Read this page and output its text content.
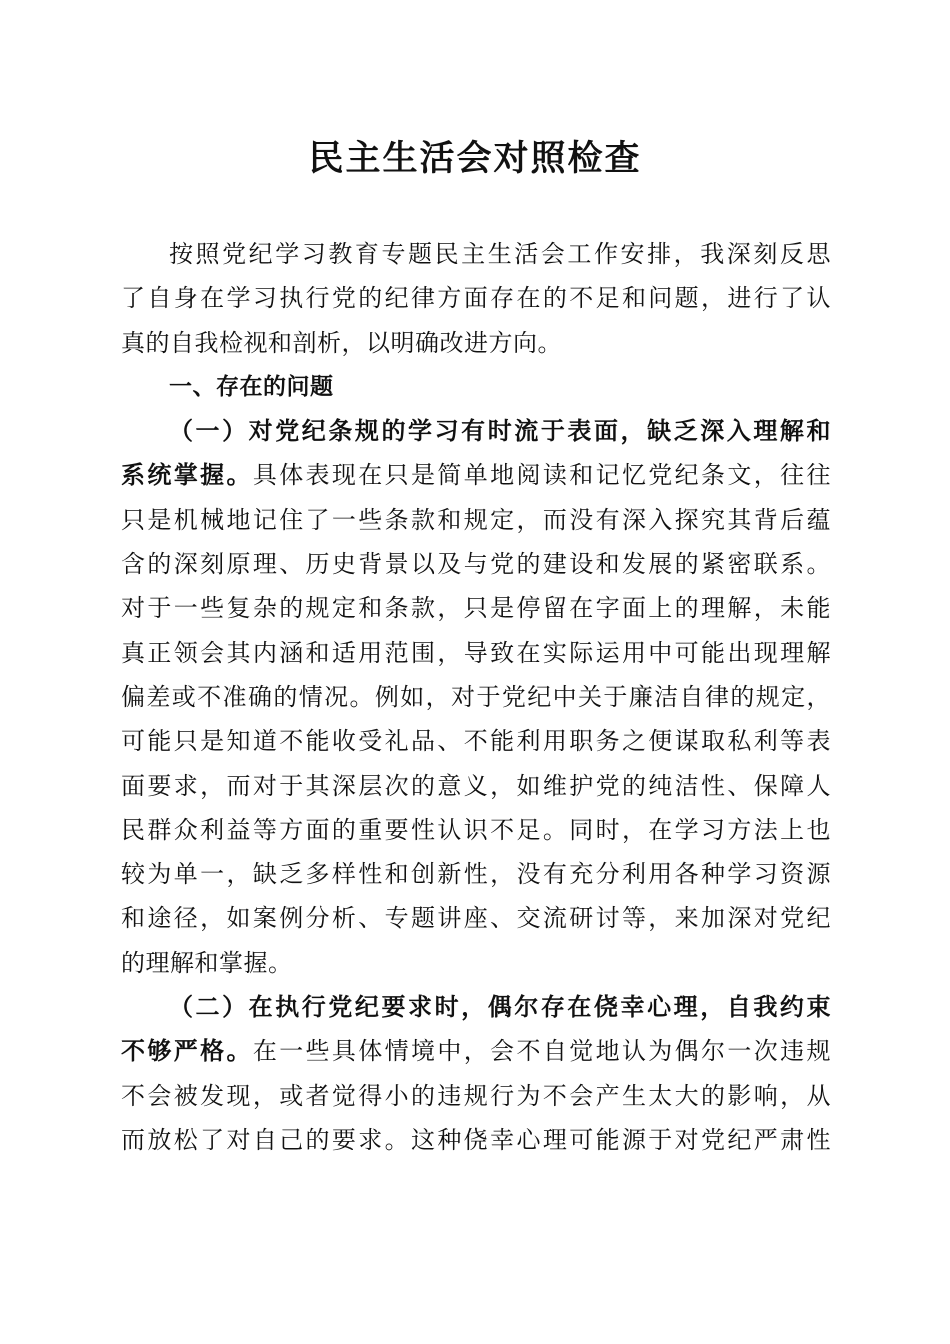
民主生活会对照检查
按照党纪学习教育专题民主生活会工作安排，我深刻反思
了自身在学习执行党的纪律方面存在的不足和问题，进行了认
真的自我检视和剖析，以明确改进方向。
一、存在的问题
（一）对党纪条规的学习有时流于表面，缺乏深入理解和
系统掌握。具体表现在只是简单地阅读和记忆党纪条文，往往
只是机械地记住了一些条款和规定，而没有深入探究其背后蕴
含的深刻原理、历史背景以及与党的建设和发展的紧密联系。
对于一些复杂的规定和条款，只是停留在字面上的理解，未能
真正领会其内涵和适用范围，导致在实际运用中可能出现理解
偏差或不准确的情况。例如，对于党纪中关于廉洁自律的规定，
可能只是知道不能收受礼品、不能利用职务之便谋取私利等表
面要求，而对于其深层次的意义，如维护党的纯洁性、保障人
民群众利益等方面的重要性认识不足。同时，在学习方法上也
较为单一，缺乏多样性和创新性，没有充分利用各种学习资源
和途径，如案例分析、专题讲座、交流研讨等，来加深对党纪
的理解和掌握。
（二）在执行党纪要求时，偶尔存在侥幸心理，自我约束
不够严格。在一些具体情境中，会不自觉地认为偶尔一次违规
不会被发现，或者觉得小的违规行为不会产生太大的影响，从
而放松了对自己的要求。这种侥幸心理可能源于对党纪严肃性
